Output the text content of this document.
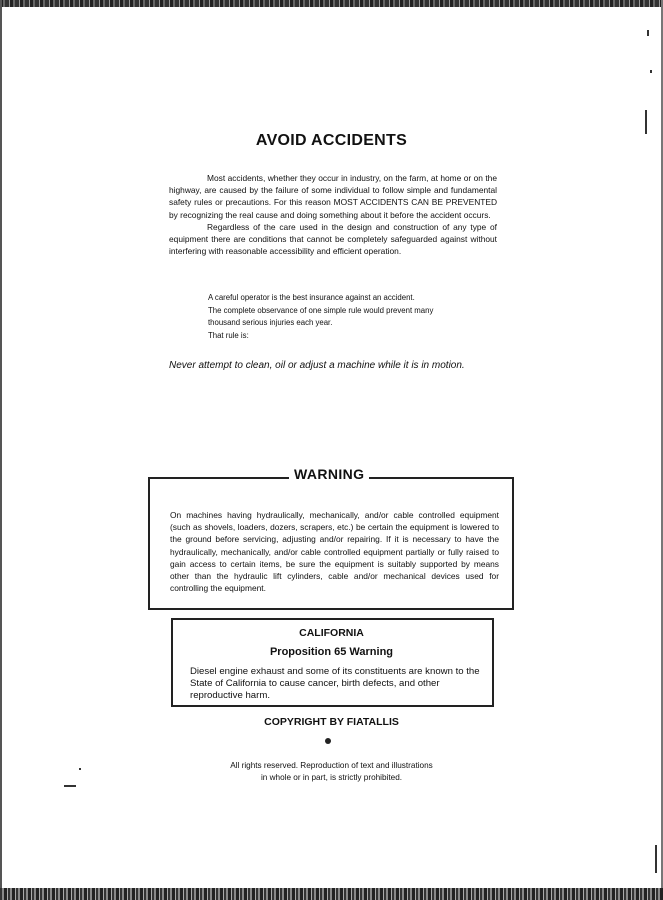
AVOID ACCIDENTS

Most accidents, whether they occur in industry, on the farm, at home or on the highway, are caused by the failure of some individual to follow simple and fundamental safety rules or precautions. For this reason MOST ACCIDENTS CAN BE PREVENTED by recognizing the real cause and doing something about it before the accident occurs.

Regardless of the care used in the design and construction of any type of equipment there are conditions that cannot be completely safeguarded against without interfering with reasonable accessibility and efficient operation.

A careful operator is the best insurance against an accident.
The complete observance of one simple rule would prevent many
thousand serious injuries each year.
That rule is:
Never attempt to clean, oil or adjust a machine while it is in motion.
WARNING
On machines having hydraulically, mechanically, and/or cable controlled equipment (such as shovels, loaders, dozers, scrapers, etc.) be certain the equipment is lowered to the ground before servicing, adjusting and/or repairing. If it is necessary to have the hydraulically, mechanically, and/or cable controlled equipment partially or fully raised to gain access to certain items, be sure the equipment is suitably supported by means other than the hydraulic lift cylinders, cable and/or mechanical devices used for controlling the equipment.
CALIFORNIA
Proposition 65 Warning
Diesel engine exhaust and some of its constituents are known to the State of California to cause cancer, birth defects, and other reproductive harm.
COPYRIGHT BY FIATALLIS
All rights reserved. Reproduction of text and illustrations
in whole or in part, is strictly prohibited.
